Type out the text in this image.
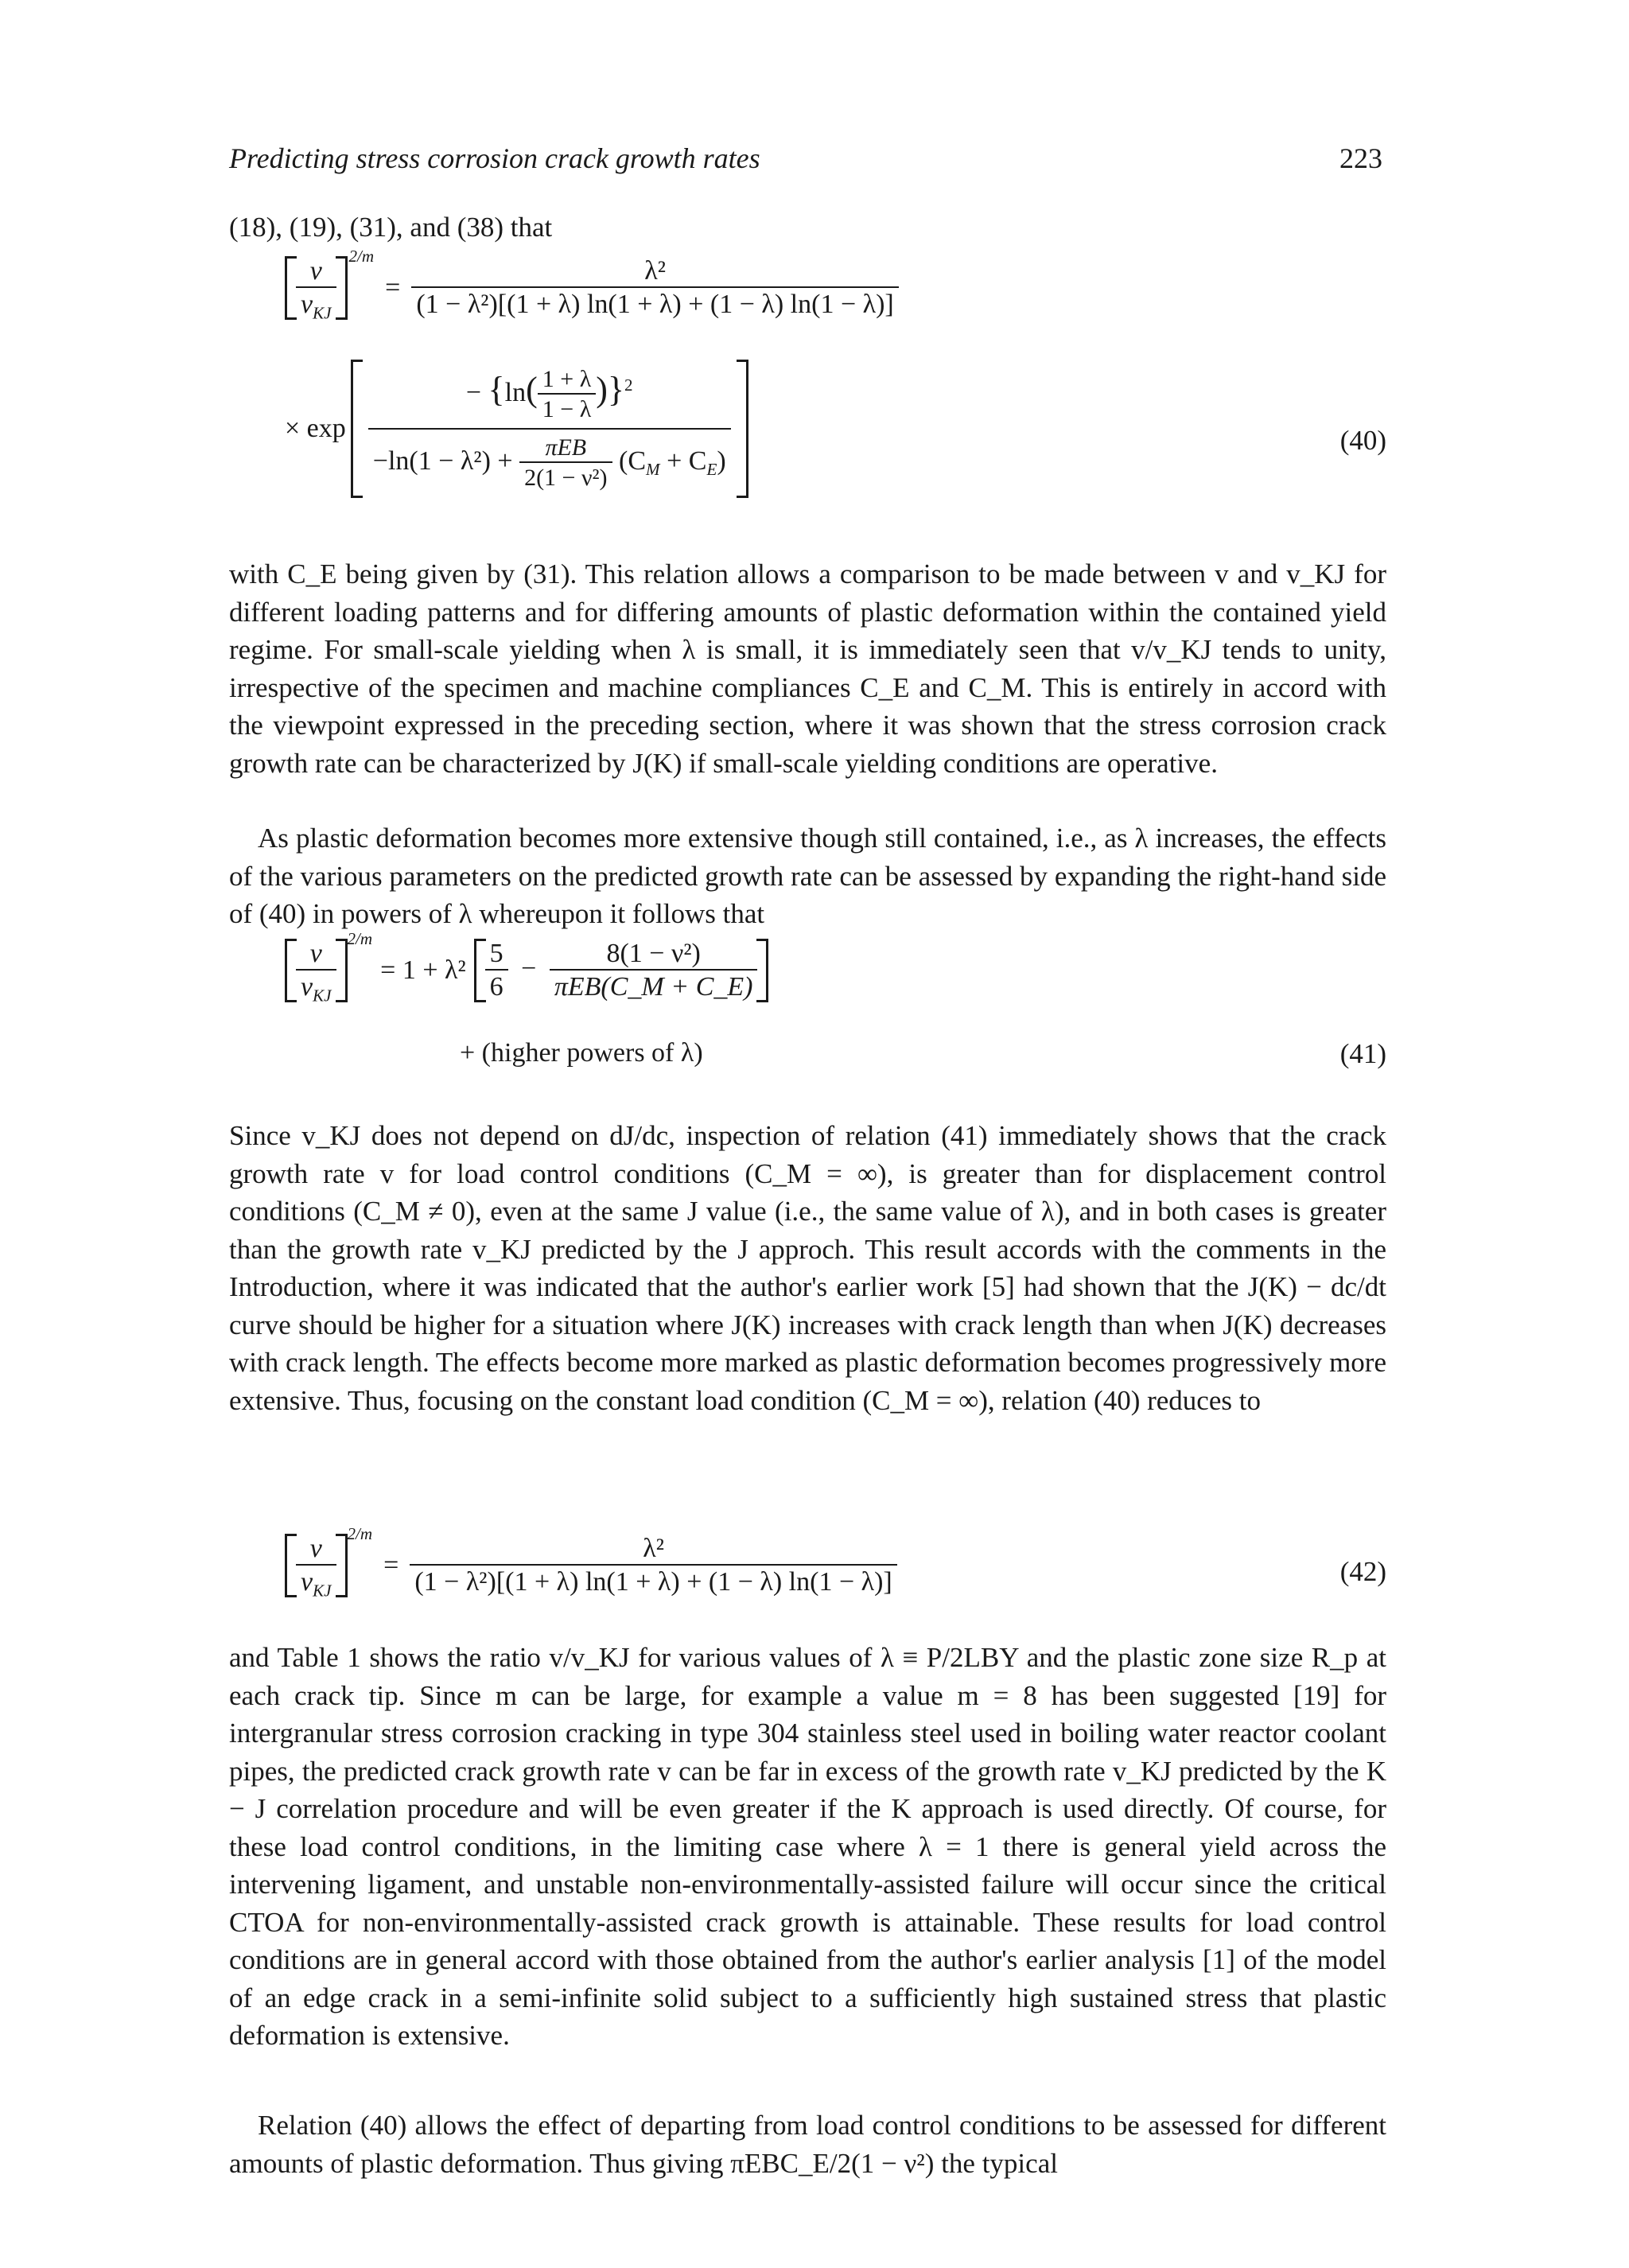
Predicting stress corrosion crack growth rates	223

(18), (19), (31), and (38) that

$\frac{v}{v_{KJ}} 2/m$
= $\frac{\text{λ²}}{\text{(1 − λ²)[(1 + λ) ln(1 + λ) + (1 − λ) ln(1 − λ)]}}$
× $\exp \frac{- \{\ln( \frac{1 + \lambda}{1 - \lambda} )\}^2}{-\ln(1 - \lambda^2) + \frac{\text{πEB}}{\text{2(1 − ν²)}} (C_M + C_E)}$	(40)

with C_E being given by (31). This relation allows a comparison to be made between v and v_KJ for different loading patterns and for differing amounts of plastic deformation within the contained yield regime. For small-scale yielding when λ is small, it is immediately seen that v/v_KJ tends to unity, irrespective of the specimen and machine compliances C_E and C_M. This is entirely in accord with the viewpoint expressed in the preceding section, where it was shown that the stress corrosion crack growth rate can be characterized by J(K) if small-scale yielding conditions are operative.

As plastic deformation becomes more extensive though still contained, i.e., as λ increases, the effects of the various parameters on the predicted growth rate can be assessed by expanding the right-hand side of (40) in powers of λ whereupon it follows that

$\frac{v}{v_{KJ}} 2/m$
= $1 + \lambda^2 \frac{5}{6} - \frac{\text{8(1 − ν²)}}{\text{πEB(C\_M + C\_E)}}$
+ (higher powers of λ)	(41)

Since v_KJ does not depend on dJ/dc, inspection of relation (41) immediately shows that the crack growth rate v for load control conditions (C_M = ∞), is greater than for displacement control conditions (C_M ≠ 0), even at the same J value (i.e., the same value of λ), and in both cases is greater than the growth rate v_KJ predicted by the J approch. This result accords with the comments in the Introduction, where it was indicated that the author's earlier work [5] had shown that the J(K) − dc/dt curve should be higher for a situation where J(K) increases with crack length than when J(K) decreases with crack length. The effects become more marked as plastic deformation becomes progressively more extensive. Thus, focusing on the constant load condition (C_M = ∞), relation (40) reduces to

$\frac{v}{v_{KJ}} 2/m$
= $\frac{\text{λ²}}{\text{(1 − λ²)[(1 + λ) ln(1 + λ) + (1 − λ) ln(1 − λ)]}}$	(42)

and Table 1 shows the ratio v/v_KJ for various values of λ ≡ P/2LBY and the plastic zone size R_p at each crack tip. Since m can be large, for example a value m = 8 has been suggested [19] for intergranular stress corrosion cracking in type 304 stainless steel used in boiling water reactor coolant pipes, the predicted crack growth rate v can be far in excess of the growth rate v_KJ predicted by the K − J correlation procedure and will be even greater if the K approach is used directly. Of course, for these load control conditions, in the limiting case where λ = 1 there is general yield across the intervening ligament, and unstable non-environmentally-assisted failure will occur since the critical CTOA for non-environmentally-assisted crack growth is attainable. These results for load control conditions are in general accord with those obtained from the author's earlier analysis [1] of the model of an edge crack in a semi-infinite solid subject to a sufficiently high sustained stress that plastic deformation is extensive.

Relation (40) allows the effect of departing from load control conditions to be assessed for different amounts of plastic deformation. Thus giving πEBC_E/2(1 − ν²) the typical
